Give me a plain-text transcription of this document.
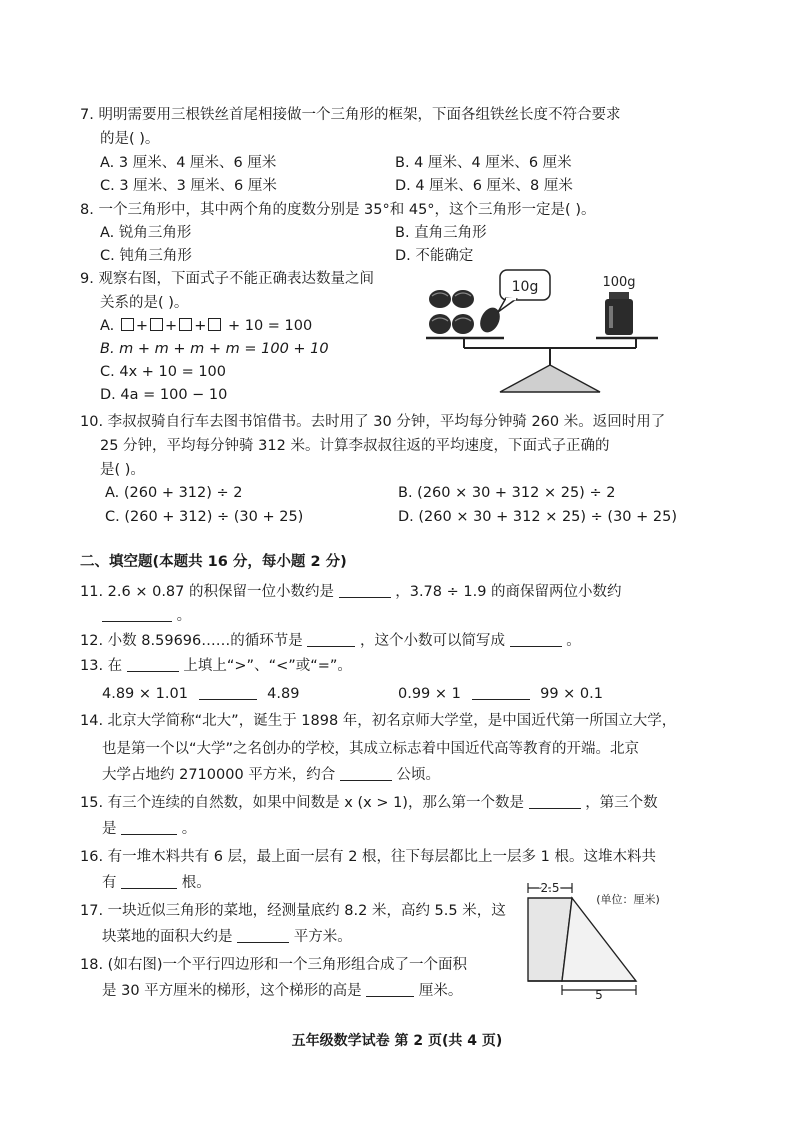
7. 明明需要用三根铁丝首尾相接做一个三角形的框架，下面各组铁丝长度不符合要求
的是( )。
A. 3 厘米、4 厘米、6 厘米	B. 4 厘米、4 厘米、6 厘米
C. 3 厘米、3 厘米、6 厘米	D. 4 厘米、6 厘米、8 厘米
8. 一个三角形中，其中两个角的度数分别是 35°和 45°，这个三角形一定是( )。
A. 锐角三角形	B. 直角三角形
C. 钝角三角形	D. 不能确定
9. 观察右图，下面式子不能正确表达数量之间
关系的是( )。
A. + + + + 10 = 100
B. m + m + m + m = 100 + 10
C. 4x + 10 = 100
D. 4a = 100 − 10
10g	100g
10. 李叔叔骑自行车去图书馆借书。去时用了 30 分钟，平均每分钟骑 260 米。返回时用了
25 分钟，平均每分钟骑 312 米。计算李叔叔往返的平均速度，下面式子正确的
是( )。
A. (260 + 312) ÷ 2	B. (260 × 30 + 312 × 25) ÷ 2
C. (260 + 312) ÷ (30 + 25)	D. (260 × 30 + 312 × 25) ÷ (30 + 25)
二、填空题(本题共 16 分，每小题 2 分)
11. 2.6 × 0.87 的积保留一位小数约是	，3.78 ÷ 1.9 的商保留两位小数约
。
12. 小数 8.59696……的循环节是	，这个小数可以简写成	。
13. 在	上填上“>”、“<”或“=”。
4.89 × 1.01	4.89	0.99 × 1	99 × 0.1
14. 北京大学简称“北大”，诞生于 1898 年，初名京师大学堂，是中国近代第一所国立大学，
也是第一个以“大学”之名创办的学校，其成立标志着中国近代高等教育的开端。北京
大学占地约 2710000 平方米，约合	公顷。
15. 有三个连续的自然数，如果中间数是 x (x > 1)，那么第一个数是	，第三个数
是	。
16. 有一堆木料共有 6 层，最上面一层有 2 根，往下每层都比上一层多 1 根。这堆木料共
有	根。
17. 一块近似三角形的菜地，经测量底约 8.2 米，高约 5.5 米，这
块菜地的面积大约是	平方米。
18. (如右图)一个平行四边形和一个三角形组合成了一个面积
是 30 平方厘米的梯形，这个梯形的高是	厘米。
2.5
(单位：厘米)
5
五年级数学试卷 第 2 页(共 4 页)
